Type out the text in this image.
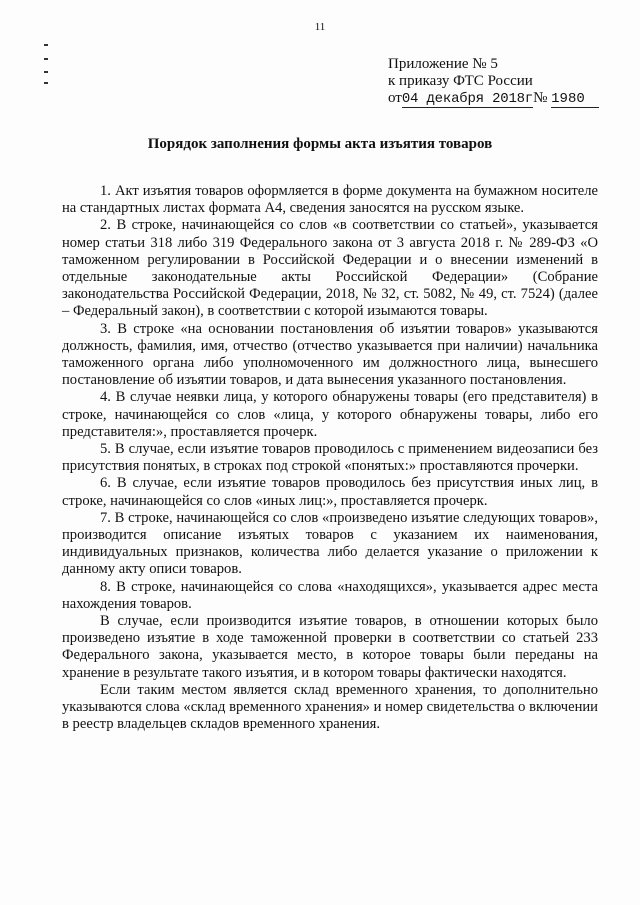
11
Приложение № 5
к приказу ФТС России
от04 декабря 2018г№ 1980
Порядок заполнения формы акта изъятия товаров

1. Акт изъятия товаров оформляется в форме документа на бумажном носителе на стандартных листах формата А4, сведения заносятся на русском языке.

2. В строке, начинающейся со слов «в соответствии со статьей», указывается номер статьи 318 либо 319 Федерального закона от 3 августа 2018 г. № 289-ФЗ «О таможенном регулировании в Российской Федерации и о внесении изменений в отдельные законодательные акты Российской Федерации» (Собрание законодательства Российской Федерации, 2018, № 32, ст. 5082, № 49, ст. 7524) (далее – Федеральный закон), в соответствии с которой изымаются товары.

3. В строке «на основании постановления об изъятии товаров» указываются должность, фамилия, имя, отчество (отчество указывается при наличии) начальника таможенного органа либо уполномоченного им должностного лица, вынесшего постановление об изъятии товаров, и дата вынесения указанного постановления.

4. В случае неявки лица, у которого обнаружены товары (его представителя) в строке, начинающейся со слов «лица, у которого обнаружены товары, либо его представителя:», проставляется прочерк.

5. В случае, если изъятие товаров проводилось с применением видеозаписи без присутствия понятых, в строках под строкой «понятых:» проставляются прочерки.

6. В случае, если изъятие товаров проводилось без присутствия иных лиц, в строке, начинающейся со слов «иных лиц:», проставляется прочерк.

7. В строке, начинающейся со слов «произведено изъятие следующих товаров», производится описание изъятых товаров с указанием их наименования, индивидуальных признаков, количества либо делается указание о приложении к данному акту описи товаров.

8. В строке, начинающейся со слова «находящихся», указывается адрес места нахождения товаров.

В случае, если производится изъятие товаров, в отношении которых было произведено изъятие в ходе таможенной проверки в соответствии со статьей 233 Федерального закона, указывается место, в которое товары были переданы на хранение в результате такого изъятия, и в котором товары фактически находятся.

Если таким местом является склад временного хранения, то дополнительно указываются слова «склад временного хранения» и номер свидетельства о включении в реестр владельцев складов временного хранения.
